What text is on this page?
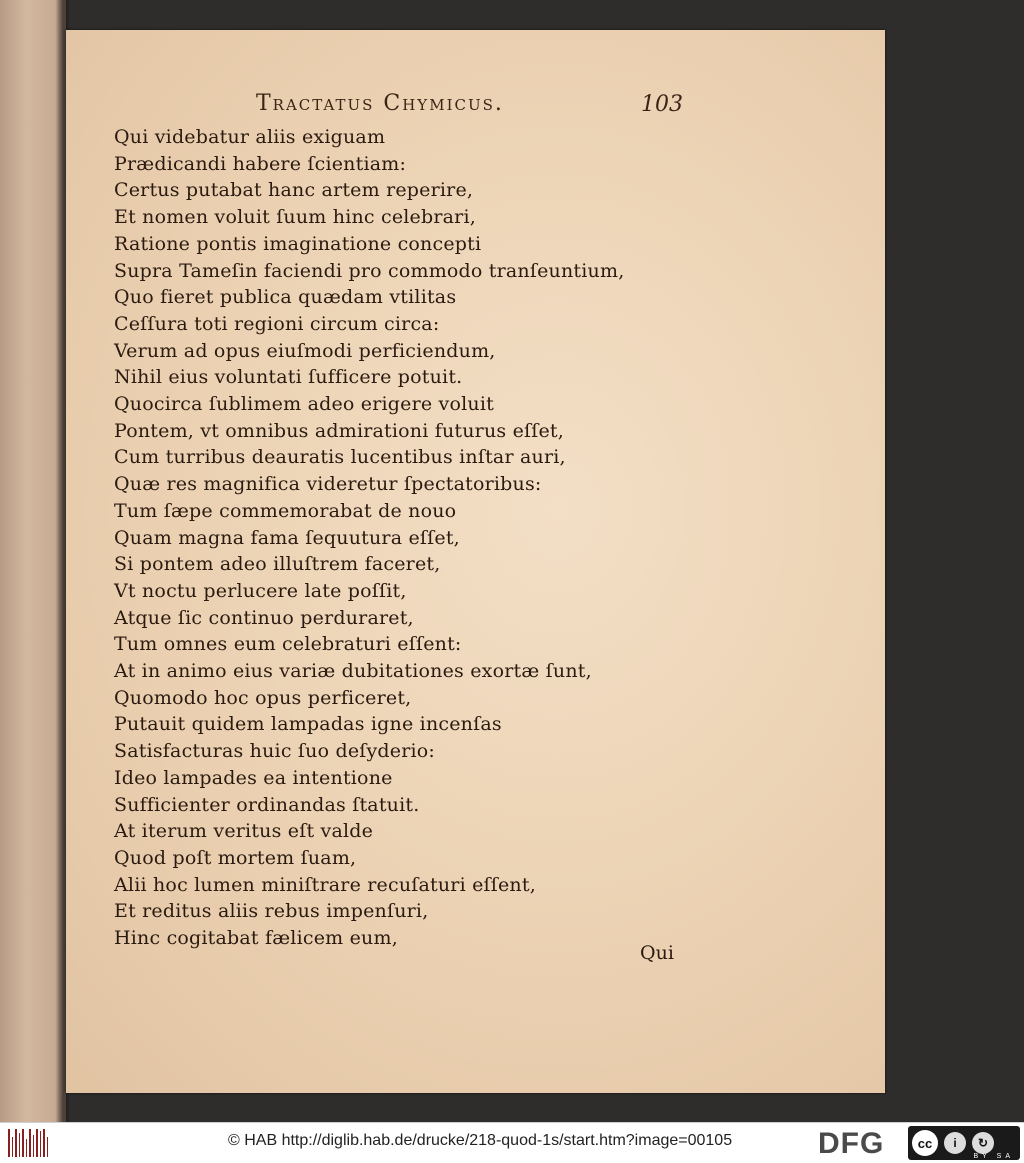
Tractatus Chymicus.	103
Qui videbatur aliis exiguam
Prædicandi habere ſcientiam:
Certus putabat hanc artem reperire,
Et nomen voluit ſuum hinc celebrari,
Ratione pontis imaginatione concepti
Supra Tameſin faciendi pro commodo tranſeuntium,
Quo fieret publica quædam vtilitas
Ceſſura toti regioni circum circa:
Verum ad opus eiuſmodi perficiendum,
Nihil eius voluntati ſufficere potuit.
Quocirca ſublimem adeo erigere voluit
Pontem, vt omnibus admirationi futurus eſſet,
Cum turribus deauratis lucentibus inſtar auri,
Quæ res magnifica videretur ſpectatoribus:
Tum ſæpe commemorabat de nouo
Quam magna fama ſequutura eſſet,
Si pontem adeo illuſtrem faceret,
Vt noctu perlucere late poſſit,
Atque ſic continuo perduraret,
Tum omnes eum celebraturi eſſent:
At in animo eius variæ dubitationes exortæ ſunt,
Quomodo hoc opus perficeret,
Putauit quidem lampadas igne incenſas
Satisfacturas huic ſuo deſyderio:
Ideo lampades ea intentione
Sufficienter ordinandas ſtatuit.
At iterum veritus eſt valde
Quod poſt mortem ſuam,
Alii hoc lumen miniſtrare recuſaturi eſſent,
Et reditus aliis rebus impenſuri,
Hinc cogitabat fælicem eum,
Qui
© HAB http://diglib.hab.de/drucke/218-quod-1s/start.htm?image=00105	DFG	cc	i	↻
BY SA
